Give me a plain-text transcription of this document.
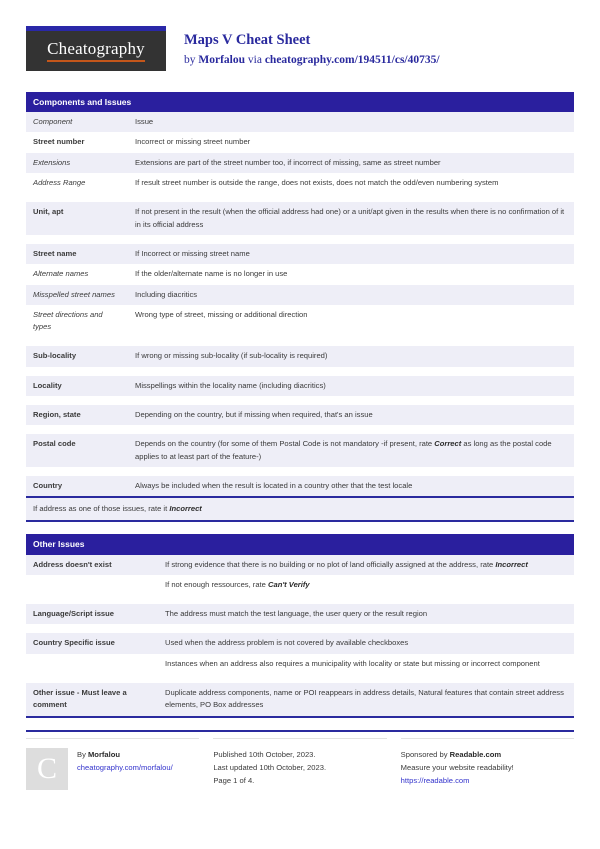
Cheatography	Maps V Cheat Sheet
by Morfalou via cheatography.com/194511/cs/40735/
Components and Issues
Component	Issue
Street number	Incorrect or missing street number
Extensions	Extensions are part of the street number too, if incorrect of missing, same as street number
Address Range	If result street number is outside the range, does not exists, does not match the odd/even numbering system

Unit, apt	If not present in the result (when the official address had one) or a unit/apt given in the results when there is no confirmation of it in its official address

Street name	If Incorrect or missing street name
Alternate names	If the older/alternate name is no longer in use
Misspelled street names	Including diacritics
Street directions and types	Wrong type of street, missing or additional direction

Sub-locality	If wrong or missing sub-locality (if sub-locality is required)

Locality	Misspellings within the locality name (including diacritics)

Region, state	Depending on the country, but if missing when required, that's an issue

Postal code	Depends on the country (for some of them Postal Code is not mandatory -if present, rate Correct as long as the postal code applies to at least part of the feature-)

Country	Always be included when the result is located in a country other that the test locale
If address as one of those issues, rate it Incorrect
Other Issues
Address doesn't exist	If strong evidence that there is no building or no plot of land officially assigned at the address, rate Incorrect
	If not enough ressources, rate Can't Verify

Language/Script issue	The address must match the test language, the user query or the result region

Country Specific issue	Used when the address problem is not covered by available checkboxes
	Instances when an address also requires a municipality with locality or state but missing or incorrect component

Other issue - Must leave a comment	Duplicate address components, name or POI reappears in address details, Natural features that contain street address elements, PO Box addresses
C	By Morfalou
cheatography.com/morfalou/
Published 10th October, 2023.
Last updated 10th October, 2023.
Page 1 of 4.
Sponsored by Readable.com
Measure your website readability!
https://readable.com
